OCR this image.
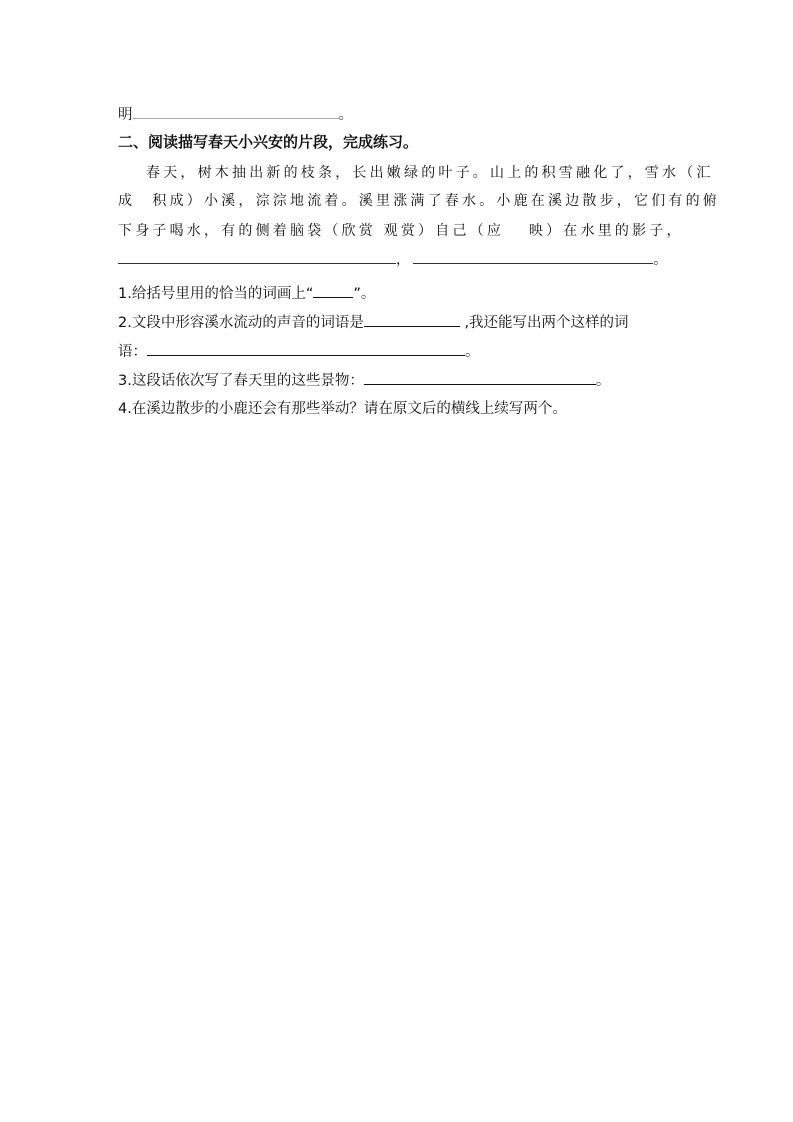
明	。
二、阅读描写春天小兴安的片段，完成练习。
春天，树木抽出新的枝条，长出嫩绿的叶子。山上的积雪融化了，雪水（汇
成　积成）小溪，淙淙地流着。溪里涨满了春水。小鹿在溪边散步，它们有的俯
下身子喝水，有的侧着脑袋（欣赏 观赏）自己（应　 映）在水里的影子，
，	。
1.给括号里用的恰当的词画上“	”。
2.文段中形容溪水流动的声音的词语是	,我还能写出两个这样的词
语：	。
3.这段话依次写了春天里的这些景物：	。
4.在溪边散步的小鹿还会有那些举动？请在原文后的横线上续写两个。
